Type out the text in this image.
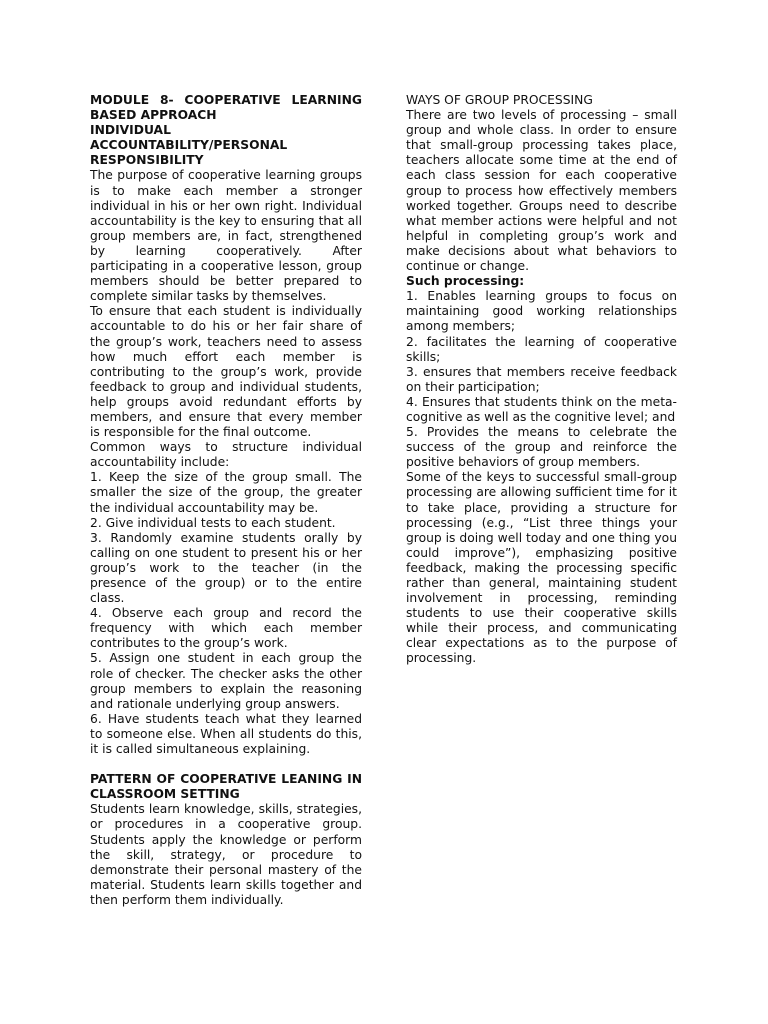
MODULE 8- COOPERATIVE LEARNING BASED APPROACH

INDIVIDUAL ACCOUNTABILITY/PERSONAL RESPONSIBILITY

The purpose of cooperative learning groups is to make each member a stronger individual in his or her own right. Individual accountability is the key to ensuring that all group members are, in fact, strengthened by learning cooperatively. After participating in a cooperative lesson, group members should be better prepared to complete similar tasks by themselves.

To ensure that each student is individually accountable to do his or her fair share of the group’s work, teachers need to assess how much effort each member is contributing to the group’s work, provide feedback to group and individual students, help groups avoid redundant efforts by members, and ensure that every member is responsible for the final outcome.

Common ways to structure individual accountability include:

1. Keep the size of the group small. The smaller the size of the group, the greater the individual accountability may be.

2. Give individual tests to each student.

3. Randomly examine students orally by calling on one student to present his or her group’s work to the teacher (in the presence of the group) or to the entire class.

4. Observe each group and record the frequency with which each member contributes to the group’s work.

5. Assign one student in each group the role of checker. The checker asks the other group members to explain the reasoning and rationale underlying group answers.

6. Have students teach what they learned to someone else. When all students do this, it is called simultaneous explaining.

PATTERN OF COOPERATIVE LEANING IN CLASSROOM SETTING

Students learn knowledge, skills, strategies, or procedures in a cooperative group. Students apply the knowledge or perform the skill, strategy, or procedure to demonstrate their personal mastery of the material. Students learn skills together and then perform them individually.

WAYS OF GROUP PROCESSING

There are two levels of processing – small group and whole class. In order to ensure that small-group processing takes place, teachers allocate some time at the end of each class session for each cooperative group to process how effectively members worked together. Groups need to describe what member actions were helpful and not helpful in completing group’s work and make decisions about what behaviors to continue or change.

Such processing:

1. Enables learning groups to focus on maintaining good working relationships among members;

2. facilitates the learning of cooperative skills;

3. ensures that members receive feedback on their participation;

4. Ensures that students think on the meta-cognitive as well as the cognitive level; and

5. Provides the means to celebrate the success of the group and reinforce the positive behaviors of group members.

Some of the keys to successful small-group processing are allowing sufficient time for it to take place, providing a structure for processing (e.g., “List three things your group is doing well today and one thing you could improve”), emphasizing positive feedback, making the processing specific rather than general, maintaining student involvement in processing, reminding students to use their cooperative skills while their process, and communicating clear expectations as to the purpose of processing.
